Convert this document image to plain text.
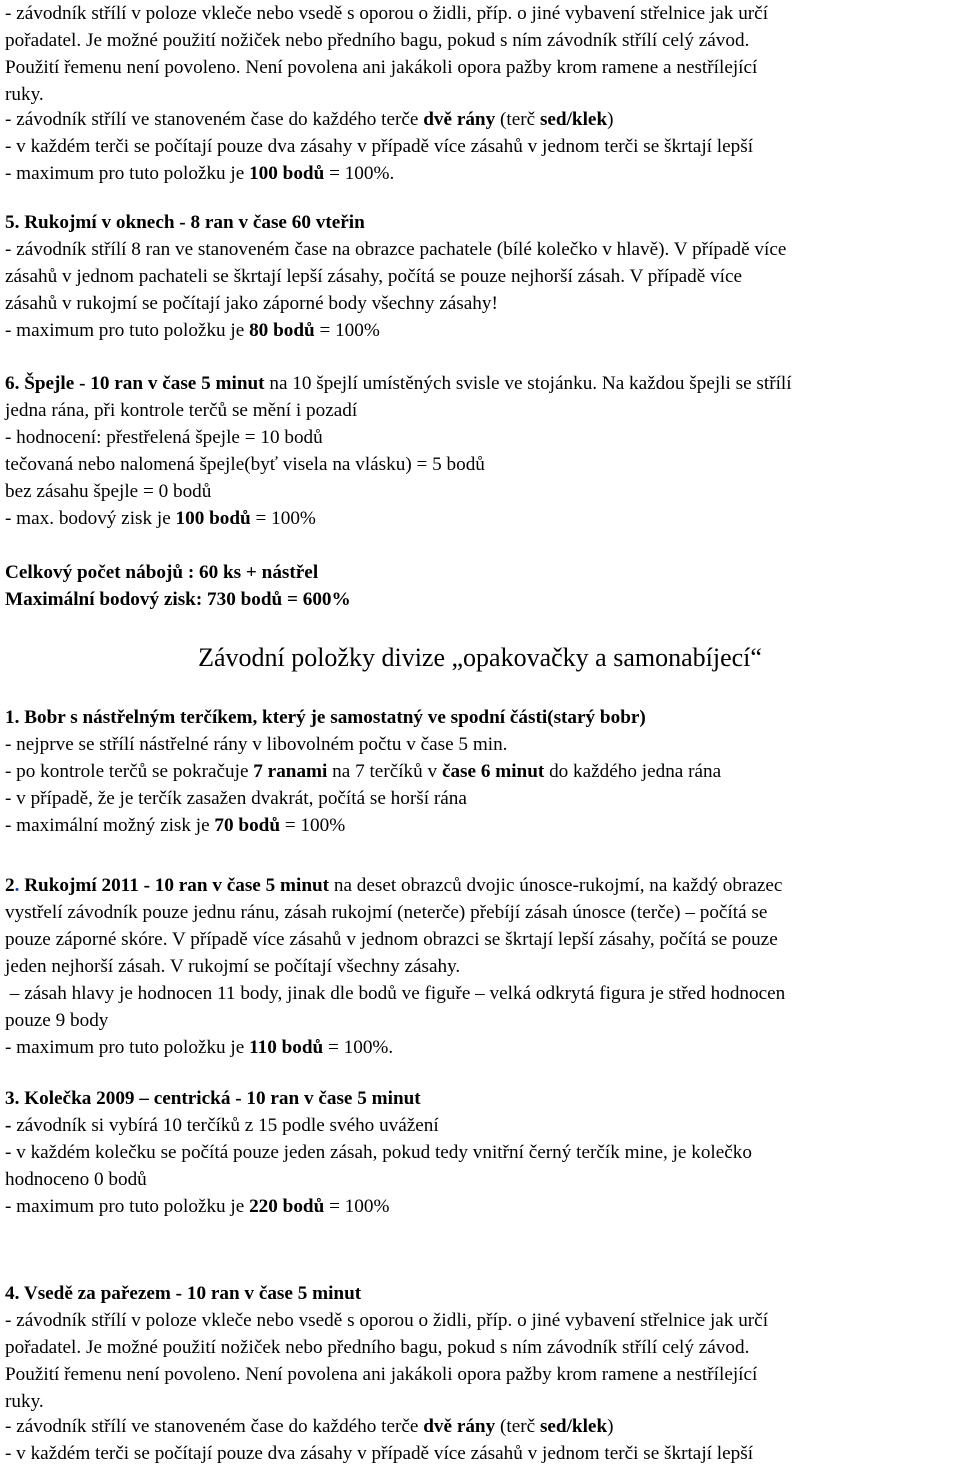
Závodní položky divize „opakovačky a samonabíjecí“
- závodník střílí v poloze vkleče nebo vsedě s oporou o židli, příp. o jiné vybavení střelnice jak určí
pořadatel. Je možné použití nožiček nebo předního bagu, pokud s ním závodník střílí celý závod.
Použití řemenu není povoleno. Není povolena ani jakákoli opora pažby krom ramene a nestřílející
ruky.
- závodník střílí ve stanoveném čase do každého terče dvě rány (terč sed/klek)
- v každém terči se počítají pouze dva zásahy v případě více zásahů v jednom terči se škrtají lepší
- maximum pro tuto položku je 100 bodů = 100%.
5. Rukojmí v oknech - 8 ran v čase 60 vteřin
- závodník střílí 8 ran ve stanoveném čase na obrazce pachatele (bílé kolečko v hlavě). V případě více
zásahů v jednom pachateli se škrtají lepší zásahy, počítá se pouze nejhorší zásah. V případě více
zásahů v rukojmí se počítají jako záporné body všechny zásahy!
- maximum pro tuto položku je 80 bodů = 100%
6. Špejle - 10 ran v čase 5 minut na 10 špejlí umístěných svisle ve stojánku. Na každou špejli se střílí
jedna rána, při kontrole terčů se mění i pozadí
- hodnocení: přestřelená špejle = 10 bodů
tečovaná nebo nalomená špejle(byť visela na vlásku) = 5 bodů
bez zásahu špejle = 0 bodů
- max. bodový zisk je 100 bodů = 100%
Celkový počet nábojů : 60 ks + nástřel
Maximální bodový zisk: 730 bodů = 600%
1. Bobr s nástřelným terčíkem, který je samostatný ve spodní části(starý bobr)
- nejprve se střílí nástřelné rány v libovolném počtu v čase 5 min.
- po kontrole terčů se pokračuje 7 ranami na 7 terčíků v čase 6 minut do každého jedna rána
- v případě, že je terčík zasažen dvakrát, počítá se horší rána
- maximální možný zisk je 70 bodů = 100%
2. Rukojmí 2011 - 10 ran v čase 5 minut na deset obrazců dvojic únosce-rukojmí, na každý obrazec
vystřelí závodník pouze jednu ránu, zásah rukojmí (neterče) přebíjí zásah únosce (terče) – počítá se
pouze záporné skóre. V případě více zásahů v jednom obrazci se škrtají lepší zásahy, počítá se pouze
jeden nejhorší zásah. V rukojmí se počítají všechny zásahy.
– zásah hlavy je hodnocen 11 body, jinak dle bodů ve figuře – velká odkrytá figura je střed hodnocen
pouze 9 body
- maximum pro tuto položku je 110 bodů = 100%.
3. Kolečka 2009 – centrická - 10 ran v čase 5 minut
- závodník si vybírá 10 terčíků z 15 podle svého uvážení
- v každém kolečku se počítá pouze jeden zásah, pokud tedy vnitřní černý terčík mine, je kolečko
hodnoceno 0 bodů
- maximum pro tuto položku je 220 bodů = 100%
4. Vsedě za pařezem - 10 ran v čase 5 minut
- závodník střílí v poloze vkleče nebo vsedě s oporou o židli, příp. o jiné vybavení střelnice jak určí
pořadatel. Je možné použití nožiček nebo předního bagu, pokud s ním závodník střílí celý závod.
Použití řemenu není povoleno. Není povolena ani jakákoli opora pažby krom ramene a nestřílející
ruky.
- závodník střílí ve stanoveném čase do každého terče dvě rány (terč sed/klek)
- v každém terči se počítají pouze dva zásahy v případě více zásahů v jednom terči se škrtají lepší
